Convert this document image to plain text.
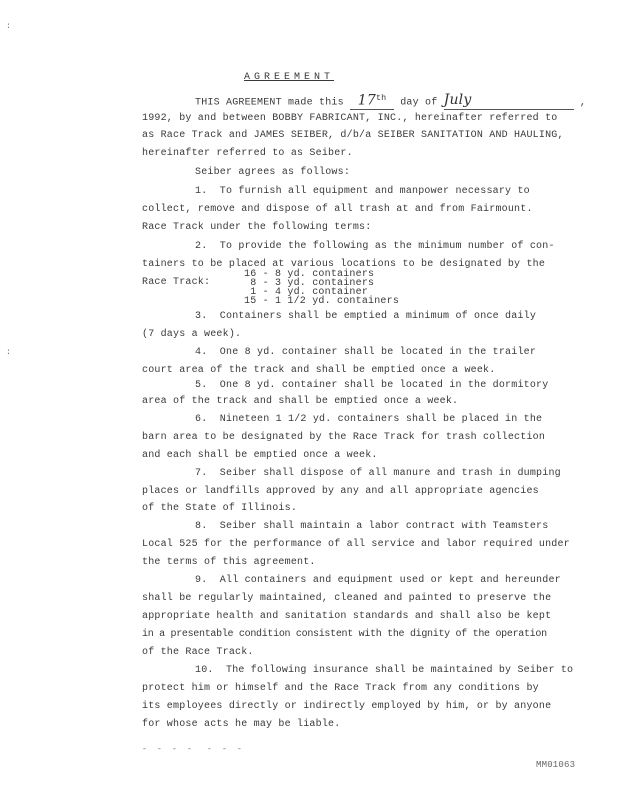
:
:
AGREEMENT
THIS AGREEMENT made this 17th day of July	,
1992, by and between BOBBY FABRICANT, INC., hereinafter referred to
as Race Track and JAMES SEIBER, d/b/a SEIBER SANITATION AND HAULING,
hereinafter referred to as Seiber.
Seiber agrees as follows:
1.  To furnish all equipment and manpower necessary to
collect, remove and dispose of all trash at and from Fairmount.
Race Track under the following terms:
2.  To provide the following as the minimum number of con-
tainers to be placed at various locations to be designated by the
Race Track:
16 - 8 yd. containers
8 - 3 yd. containers
1 - 4 yd. container
15 - 1 1/2 yd. containers
3.  Containers shall be emptied a minimum of once daily
(7 days a week).
4.  One 8 yd. container shall be located in the trailer
court area of the track and shall be emptied once a week.
5.  One 8 yd. container shall be located in the dormitory
area of the track and shall be emptied once a week.
6.  Nineteen 1 1/2 yd. containers shall be placed in the
barn area to be designated by the Race Track for trash collection
and each shall be emptied once a week.
7.  Seiber shall dispose of all manure and trash in dumping
places or landfills approved by any and all appropriate agencies
of the State of Illinois.
8.  Seiber shall maintain a labor contract with Teamsters
Local 525 for the performance of all service and labor required under
the terms of this agreement.
9.  All containers and equipment used or kept and hereunder
shall be regularly maintained, cleaned and painted to preserve the
appropriate health and sanitation standards and shall also be kept
in a presentable condition consistent with the dignity of the operation
of the Race Track.
10.  The following insurance shall be maintained by Seiber to
protect him or himself and the Race Track from any conditions by
its employees directly or indirectly employed by him, or by anyone
for whose acts he may be liable.
-  -  -  -   -  -  -
MM01063
